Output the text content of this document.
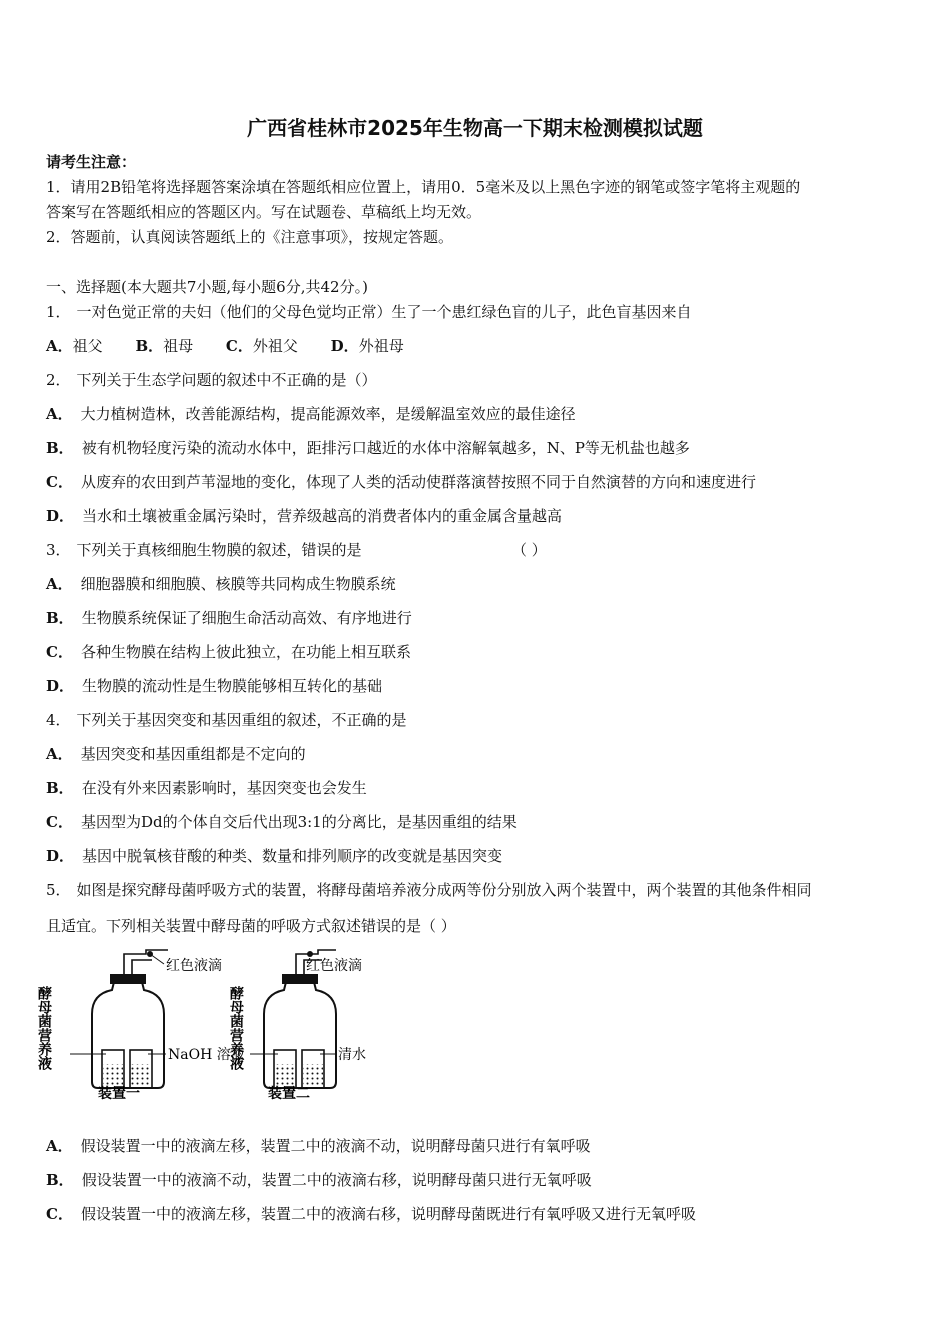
广西省桂林市2025年生物高一下期末检测模拟试题
请考生注意：
1．请用2B铅笔将选择题答案涂填在答题纸相应位置上，请用0．5毫米及以上黑色字迹的钢笔或签字笔将主观题的
答案写在答题纸相应的答题区内。写在试题卷、草稿纸上均无效。
2．答题前，认真阅读答题纸上的《注意事项》，按规定答题。
一、选择题(本大题共7小题,每小题6分,共42分。)
1． 一对色觉正常的夫妇（他们的父母色觉均正常）生了一个患红绿色盲的儿子，此色盲基因来自
A．祖父 B．祖母 C．外祖父 D．外祖母
2． 下列关于生态学问题的叙述中不正确的是（）
A． 大力植树造林，改善能源结构，提高能源效率，是缓解温室效应的最佳途径
B． 被有机物轻度污染的流动水体中，距排污口越近的水体中溶解氧越多，N、P等无机盐也越多
C． 从废弃的农田到芦苇湿地的变化，体现了人类的活动使群落演替按照不同于自然演替的方向和速度进行
D． 当水和土壤被重金属污染时，营养级越高的消费者体内的重金属含量越高
3． 下列关于真核细胞生物膜的叙述，错误的是	（ ）
A． 细胞器膜和细胞膜、核膜等共同构成生物膜系统
B． 生物膜系统保证了细胞生命活动高效、有序地进行
C． 各种生物膜在结构上彼此独立，在功能上相互联系
D． 生物膜的流动性是生物膜能够相互转化的基础
4． 下列关于基因突变和基因重组的叙述，不正确的是
A． 基因突变和基因重组都是不定向的
B． 在没有外来因素影响时，基因突变也会发生
C． 基因型为Dd的个体自交后代出现3:1的分离比，是基因重组的结果
D． 基因中脱氧核苷酸的种类、数量和排列顺序的改变就是基因突变
5． 如图是探究酵母菌呼吸方式的装置，将酵母菌培养液分成两等份分别放入两个装置中，两个装置的其他条件相同
且适宜。下列相关装置中酵母菌的呼吸方式叙述错误的是（ ）
红色液滴
酵母菌营养液	NaOH 溶液
装置一
红色液滴
酵母菌营养液	清水
装置二
A． 假设装置一中的液滴左移，装置二中的液滴不动，说明酵母菌只进行有氧呼吸
B． 假设装置一中的液滴不动，装置二中的液滴右移，说明酵母菌只进行无氧呼吸
C． 假设装置一中的液滴左移，装置二中的液滴右移，说明酵母菌既进行有氧呼吸又进行无氧呼吸
